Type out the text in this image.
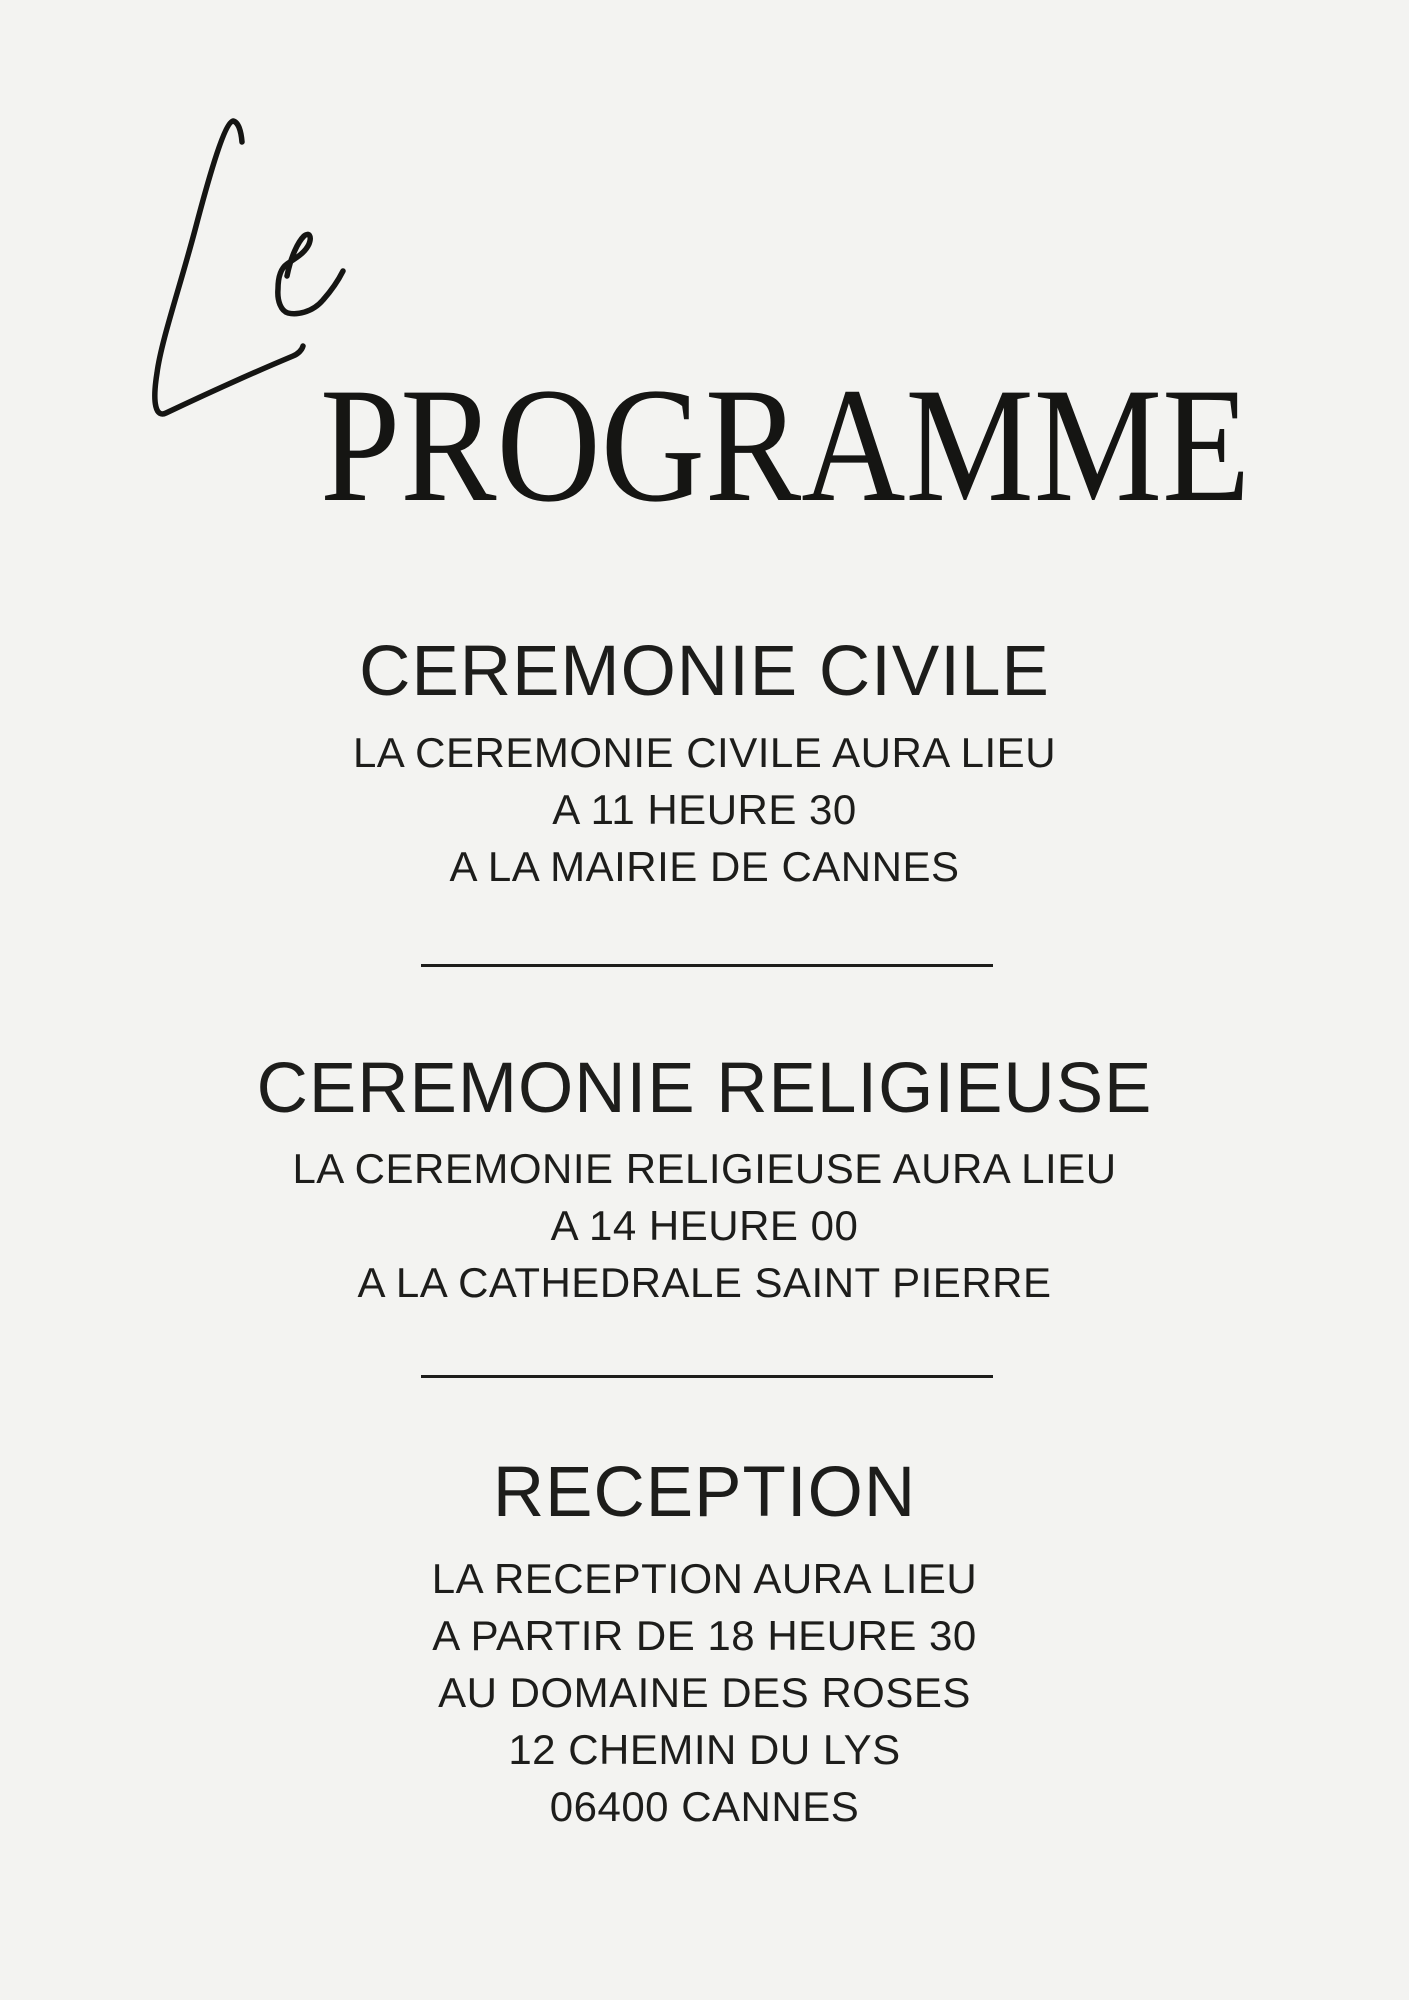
PROGRAMME
CEREMONIE CIVILE
LA CEREMONIE CIVILE AURA LIEU
A 11 HEURE 30
A LA MAIRIE DE CANNES
CEREMONIE RELIGIEUSE
LA CEREMONIE RELIGIEUSE AURA LIEU
A 14 HEURE 00
A LA CATHEDRALE SAINT PIERRE
RECEPTION
LA RECEPTION AURA LIEU
A PARTIR DE 18 HEURE 30
AU DOMAINE DES ROSES
12 CHEMIN DU LYS
06400 CANNES
